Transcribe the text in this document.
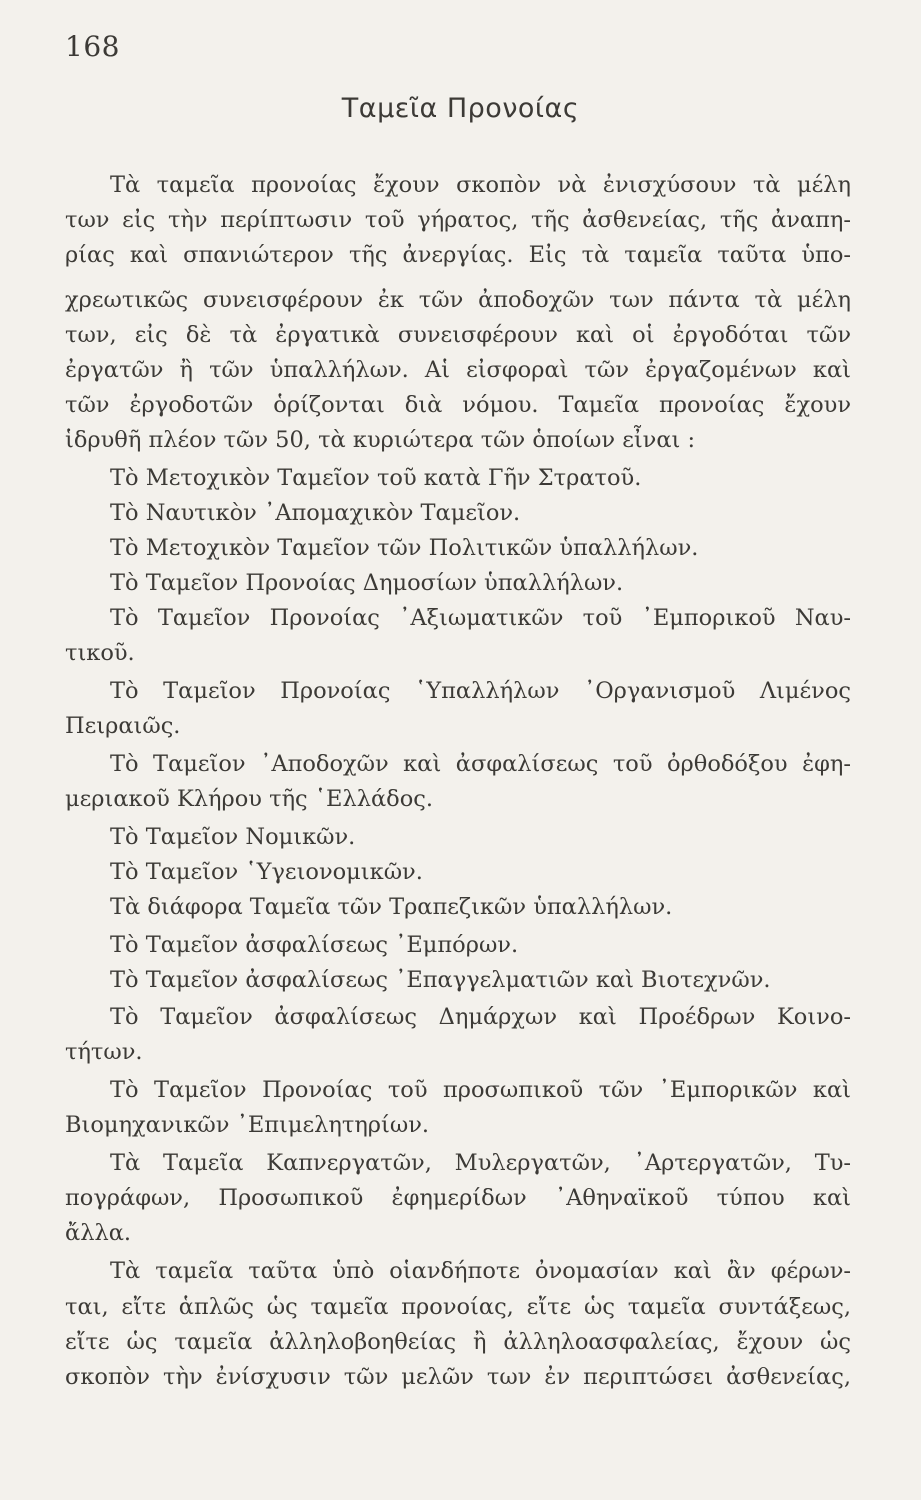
168
Ταμεῖα Προνοίας
Τὰ ταμεῖα προνοίας ἔχουν σκοπὸν νὰ ἐνισχύσουν τὰ μέλη
των εἰς τὴν περίπτωσιν τοῦ γήρατος, τῆς ἀσθενείας, τῆς ἀναπη-
ρίας καὶ σπανιώτερον τῆς ἀνεργίας. Εἰς τὰ ταμεῖα ταῦτα ὑπο-
χρεωτικῶς συνεισφέρουν ἐκ τῶν ἀποδοχῶν των πάντα τὰ μέλη
των, εἰς δὲ τὰ ἐργατικὰ συνεισφέρουν καὶ οἱ ἐργοδόται τῶν
ἐργατῶν ἢ τῶν ὑπαλλήλων. Αἱ εἰσφοραὶ τῶν ἐργαζομένων καὶ
τῶν ἐργοδοτῶν ὁρίζονται διὰ νόμου. Ταμεῖα προνοίας ἔχουν
ἱδρυθῆ πλέον τῶν 50, τὰ κυριώτερα τῶν ὁποίων εἶναι :
Τὸ Μετοχικὸν Ταμεῖον τοῦ κατὰ Γῆν Στρατοῦ.
Τὸ Ναυτικὸν ᾿Απομαχικὸν Ταμεῖον.
Τὸ Μετοχικὸν Ταμεῖον τῶν Πολιτικῶν ὑπαλλήλων.
Τὸ Ταμεῖον Προνοίας Δημοσίων ὑπαλλήλων.
Τὸ Ταμεῖον Προνοίας ᾿Αξιωματικῶν τοῦ ᾿Εμπορικοῦ Ναυ-
τικοῦ.
Τὸ Ταμεῖον Προνοίας ῾Υπαλλήλων ᾿Οργανισμοῦ Λιμένος
Πειραιῶς.
Τὸ Ταμεῖον ᾿Αποδοχῶν καὶ ἀσφαλίσεως τοῦ ὀρθοδόξου ἐφη-
μεριακοῦ Κλήρου τῆς ῾Ελλάδος.
Τὸ Ταμεῖον Νομικῶν.
Τὸ Ταμεῖον ῾Υγειονομικῶν.
Τὰ διάφορα Ταμεῖα τῶν Τραπεζικῶν ὑπαλλήλων.
Τὸ Ταμεῖον ἀσφαλίσεως ᾿Εμπόρων.
Τὸ Ταμεῖον ἀσφαλίσεως ᾿Επαγγελματιῶν καὶ Βιοτεχνῶν.
Τὸ Ταμεῖον ἀσφαλίσεως Δημάρχων καὶ Προέδρων Κοινο-
τήτων.
Τὸ Ταμεῖον Προνοίας τοῦ προσωπικοῦ τῶν ᾿Εμπορικῶν καὶ
Βιομηχανικῶν ᾿Επιμελητηρίων.
Τὰ Ταμεῖα Καπνεργατῶν, Μυλεργατῶν, ᾿Αρτεργατῶν, Τυ-
πογράφων, Προσωπικοῦ ἐφημερίδων ᾿Αθηναϊκοῦ τύπου καὶ
ἄλλα.
Τὰ ταμεῖα ταῦτα ὑπὸ οἱανδήποτε ὀνομασίαν καὶ ἂν φέρων-
ται, εἴτε ἁπλῶς ὡς ταμεῖα προνοίας, εἴτε ὡς ταμεῖα συντάξεως,
εἴτε ὡς ταμεῖα ἀλληλοβοηθείας ἢ ἀλληλοασφαλείας, ἔχουν ὡς
σκοπὸν τὴν ἐνίσχυσιν τῶν μελῶν των ἐν περιπτώσει ἀσθενείας,
